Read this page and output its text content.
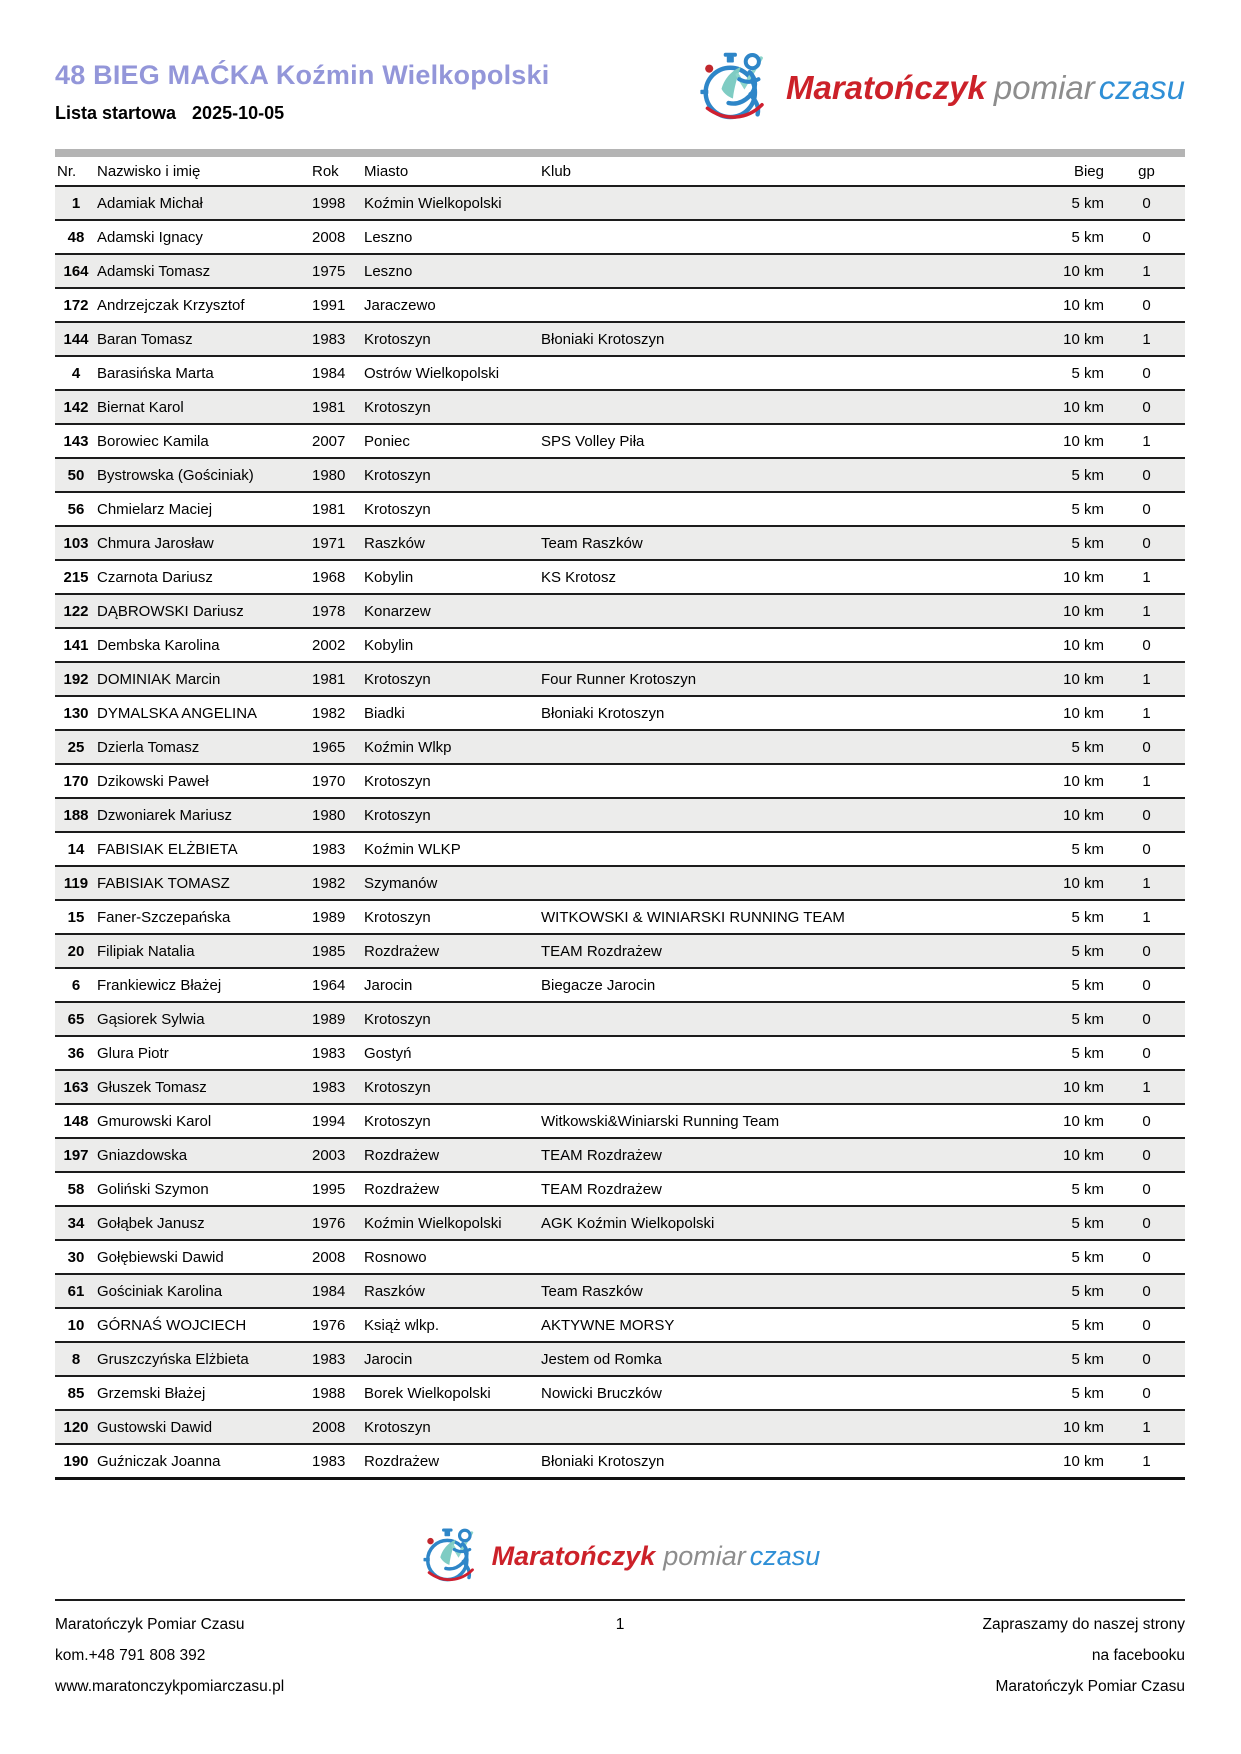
48 BIEG MAĆKA Koźmin Wielkopolski
Lista startowa 2025-10-05
Maratończyk pomiar czasu
Nr.	Nazwisko i imię	Rok	Miasto	Klub	Bieg	gp
1	Adamiak Michał	1998	Koźmin Wielkopolski		5 km	0
48	Adamski Ignacy	2008	Leszno		5 km	0
164	Adamski Tomasz	1975	Leszno		10 km	1
172	Andrzejczak Krzysztof	1991	Jaraczewo		10 km	0
144	Baran Tomasz	1983	Krotoszyn	Błoniaki Krotoszyn	10 km	1
4	Barasińska Marta	1984	Ostrów Wielkopolski		5 km	0
142	Biernat Karol	1981	Krotoszyn		10 km	0
143	Borowiec Kamila	2007	Poniec	SPS Volley Piła	10 km	1
50	Bystrowska (Gościniak)	1980	Krotoszyn		5 km	0
56	Chmielarz Maciej	1981	Krotoszyn		5 km	0
103	Chmura Jarosław	1971	Raszków	Team Raszków	5 km	0
215	Czarnota Dariusz	1968	Kobylin	KS Krotosz	10 km	1
122	DĄBROWSKI Dariusz	1978	Konarzew		10 km	1
141	Dembska Karolina	2002	Kobylin		10 km	0
192	DOMINIAK Marcin	1981	Krotoszyn	Four Runner Krotoszyn	10 km	1
130	DYMALSKA ANGELINA	1982	Biadki	Błoniaki Krotoszyn	10 km	1
25	Dzierla Tomasz	1965	Koźmin Wlkp		5 km	0
170	Dzikowski Paweł	1970	Krotoszyn		10 km	1
188	Dzwoniarek Mariusz	1980	Krotoszyn		10 km	0
14	FABISIAK ELŻBIETA	1983	Koźmin WLKP		5 km	0
119	FABISIAK TOMASZ	1982	Szymanów		10 km	1
15	Faner-Szczepańska	1989	Krotoszyn	WITKOWSKI & WINIARSKI RUNNING TEAM	5 km	1
20	Filipiak Natalia	1985	Rozdrażew	TEAM Rozdrażew	5 km	0
6	Frankiewicz Błażej	1964	Jarocin	Biegacze Jarocin	5 km	0
65	Gąsiorek Sylwia	1989	Krotoszyn		5 km	0
36	Glura Piotr	1983	Gostyń		5 km	0
163	Głuszek Tomasz	1983	Krotoszyn		10 km	1
148	Gmurowski Karol	1994	Krotoszyn	Witkowski&Winiarski Running Team	10 km	0
197	Gniazdowska	2003	Rozdrażew	TEAM Rozdrażew	10 km	0
58	Goliński Szymon	1995	Rozdrażew	TEAM Rozdrażew	5 km	0
34	Gołąbek Janusz	1976	Koźmin Wielkopolski	AGK Koźmin Wielkopolski	5 km	0
30	Gołębiewski Dawid	2008	Rosnowo		5 km	0
61	Gościniak Karolina	1984	Raszków	Team Raszków	5 km	0
10	GÓRNAŚ WOJCIECH	1976	Książ wlkp.	AKTYWNE MORSY	5 km	0
8	Gruszczyńska Elżbieta	1983	Jarocin	Jestem od Romka	5 km	0
85	Grzemski Błażej	1988	Borek Wielkopolski	Nowicki Bruczków	5 km	0
120	Gustowski Dawid	2008	Krotoszyn		10 km	1
190	Guźniczak Joanna	1983	Rozdrażew	Błoniaki Krotoszyn	10 km	1
Maratończyk pomiar czasu
Maratończyk Pomiar Czasu
kom.+48 791 808 392
www.maratonczykpomiarczasu.pl
1	Zapraszamy do naszej strony
na facebooku
Maratończyk Pomiar Czasu
